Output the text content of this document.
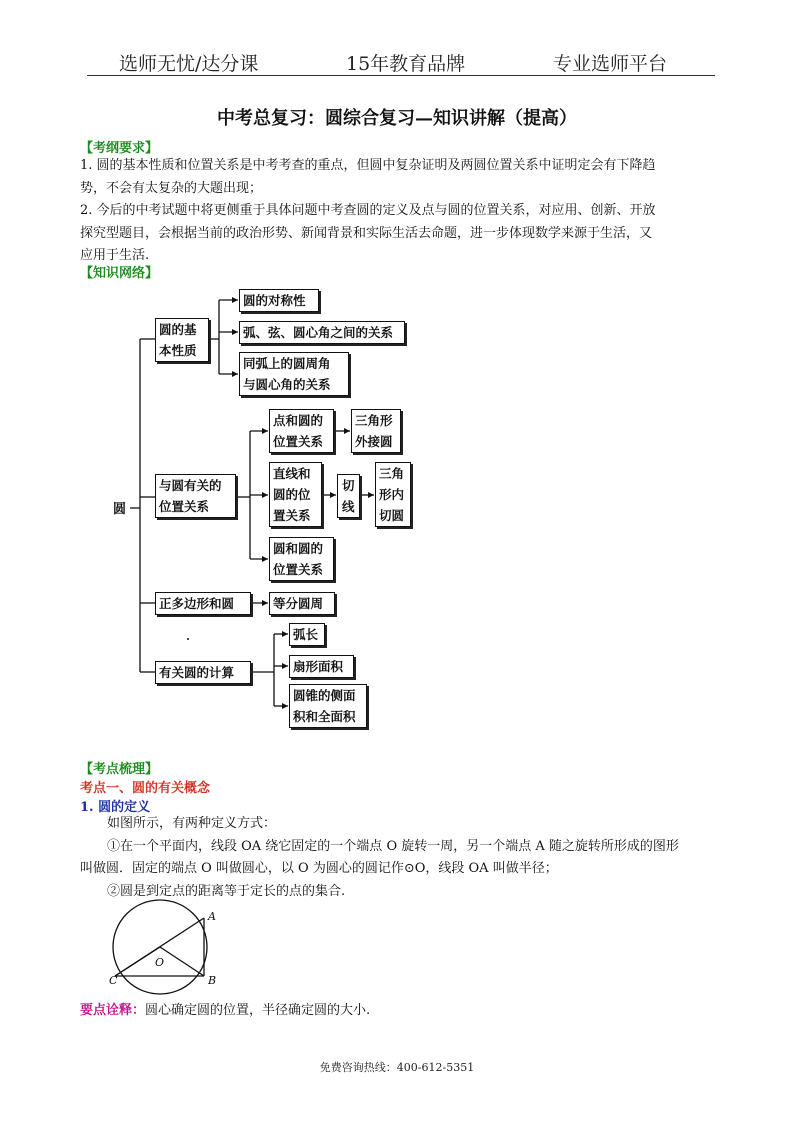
选师无忧/达分课	15年教育品牌	专业选师平台
中考总复习：圆综合复习—知识讲解（提高）
【考纲要求】
1. 圆的基本性质和位置关系是中考考查的重点，但圆中复杂证明及两圆位置关系中证明定会有下降趋
势，不会有太复杂的大题出现；
2. 今后的中考试题中将更侧重于具体问题中考查圆的定义及点与圆的位置关系，对应用、创新、开放
探究型题目，会根据当前的政治形势、新闻背景和实际生活去命题，进一步体现数学来源于生活，又
应用于生活.
【知识网络】
圆
圆的基
本性质
圆的对称性
弧、弦、圆心角之间的关系
同弧上的圆周角
与圆心角的关系
与圆有关的
位置关系
点和圆的
位置关系
三角形
外接圆
直线和
圆的位
置关系
切
线
三角
形内
切圆
圆和圆的
位置关系
正多边形和圆	等分圆周
有关圆的计算
弧长
扇形面积
圆锥的侧面
积和全面积
【考点梳理】
考点一、圆的有关概念
1. 圆的定义
如图所示，有两种定义方式：
①在一个平面内，线段 OA 绕它固定的一个端点 O 旋转一周，另一个端点 A 随之旋转所形成的图形
叫做圆．固定的端点 O 叫做圆心，以 O 为圆心的圆记作⊙O，线段 OA 叫做半径；
②圆是到定点的距离等于定长的点的集合.
A
B
C
O
要点诠释：圆心确定圆的位置，半径确定圆的大小.
免费咨询热线：400-612-5351
